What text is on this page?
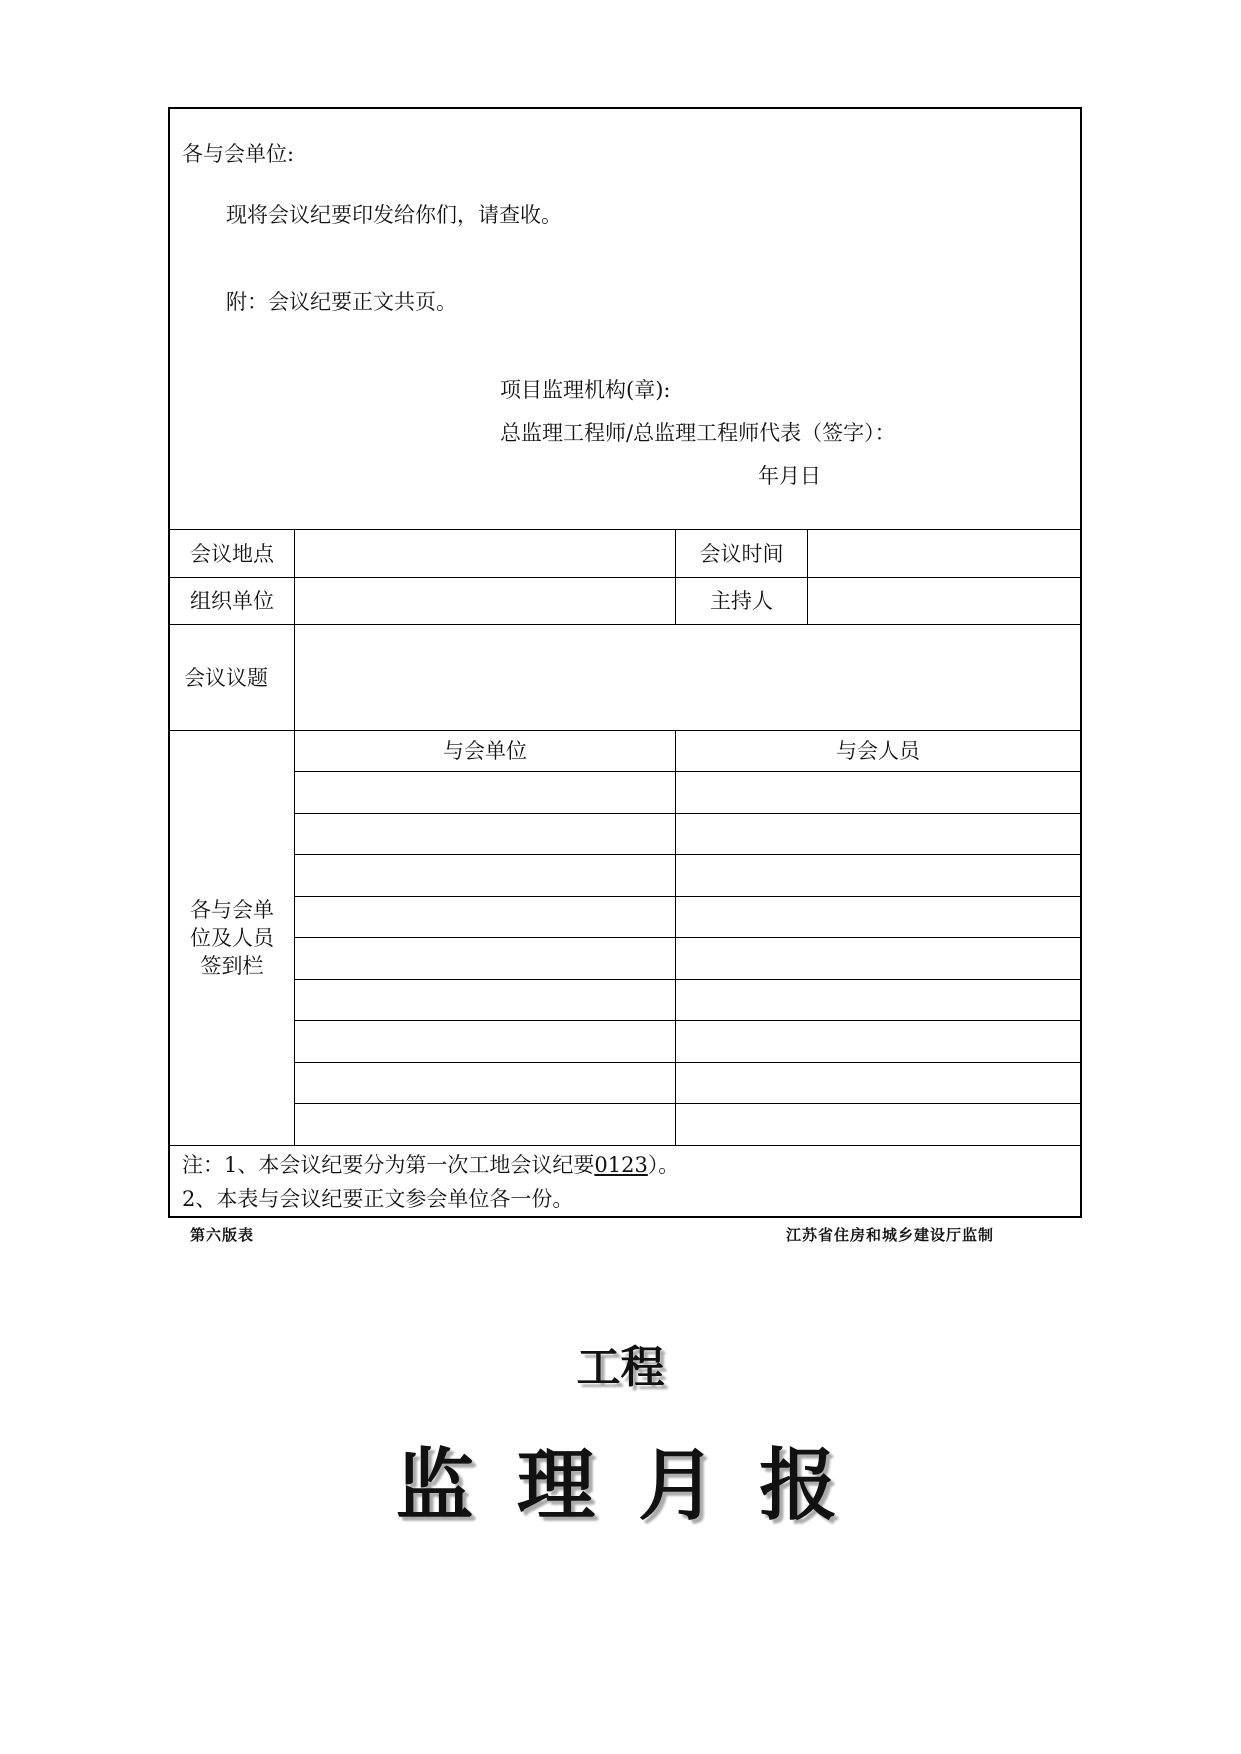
各与会单位:
现将会议纪要印发给你们，请查收。
附：会议纪要正文共页。
项目监理机构(章):
总监理工程师/总监理工程师代表（签字）：
年月日
会议地点	会议时间
组织单位	主持人
会议议题
各与会单
位及人员
签到栏
与会单位	与会人员
注：1、本会议纪要分为第一次工地会议纪要0123）。
2、本表与会议纪要正文参会单位各一份。
第六版表	江苏省住房和城乡建设厅监制
工程
监 理 月 报
